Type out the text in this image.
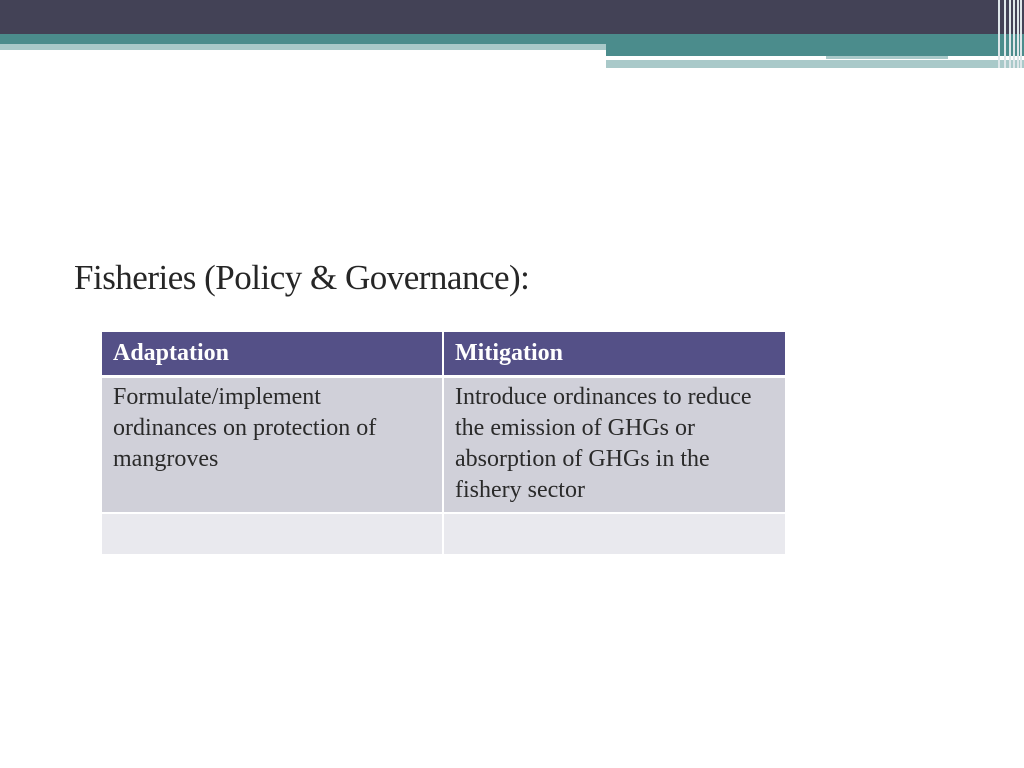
Fisheries (Policy & Governance):
Adaptation	Mitigation
Formulate/implement ordinances on protection of mangroves	Introduce ordinances to reduce the emission of GHGs or absorption of GHGs in the fishery sector
